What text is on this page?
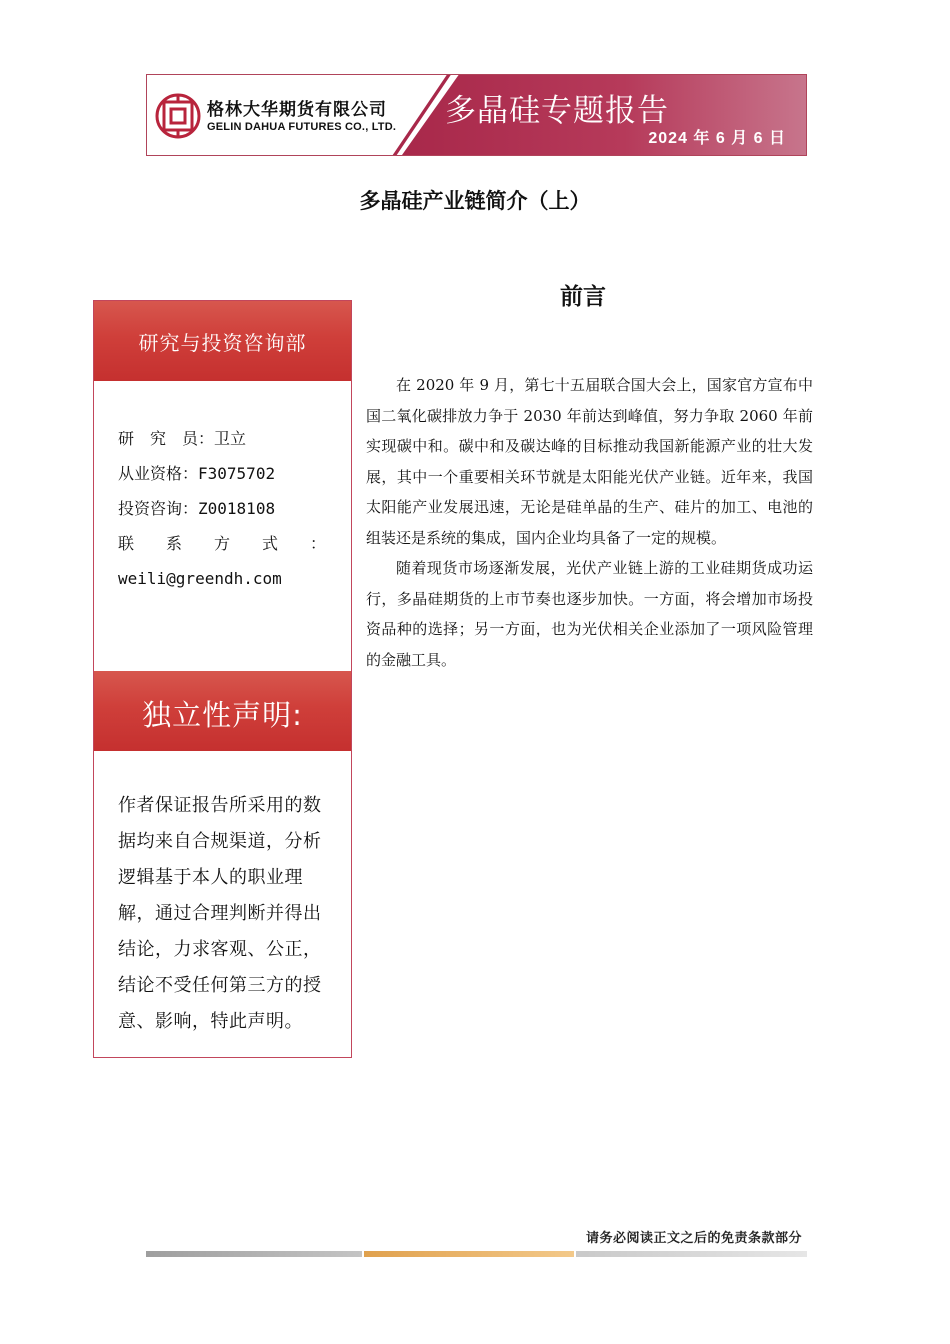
格林大华期货有限公司
GELIN DAHUA FUTURES CO., LTD. 多晶硅专题报告
2024 年 6 月 6 日
多晶硅产业链简介（上）
研究与投资咨询部
研 究 员 ：卫立
从业资格 ：F3075702
投资咨询 ：Z0018108
联 系 方 式 ：
weili@greendh.com
独立性声明:
作者保证报告所采用的数据均来自合规渠道，分析逻辑基于本人的职业理解，通过合理判断并得出结论，力求客观、公正，结论不受任何第三方的授意、影响，特此声明。
前言

在 2020 年 9 月，第七十五届联合国大会上，国家官方宣布中国二氧化碳排放力争于 2030 年前达到峰值，努力争取 2060 年前实现碳中和。碳中和及碳达峰的目标推动我国新能源产业的壮大发展，其中一个重要相关环节就是太阳能光伏产业链。近年来，我国太阳能产业发展迅速，无论是硅单晶的生产、硅片的加工、电池的组装还是系统的集成，国内企业均具备了一定的规模。

随着现货市场逐渐发展，光伏产业链上游的工业硅期货成功运行，多晶硅期货的上市节奏也逐步加快。一方面，将会增加市场投资品种的选择；另一方面，也为光伏相关企业添加了一项风险管理的金融工具。

请务必阅读正文之后的免责条款部分
